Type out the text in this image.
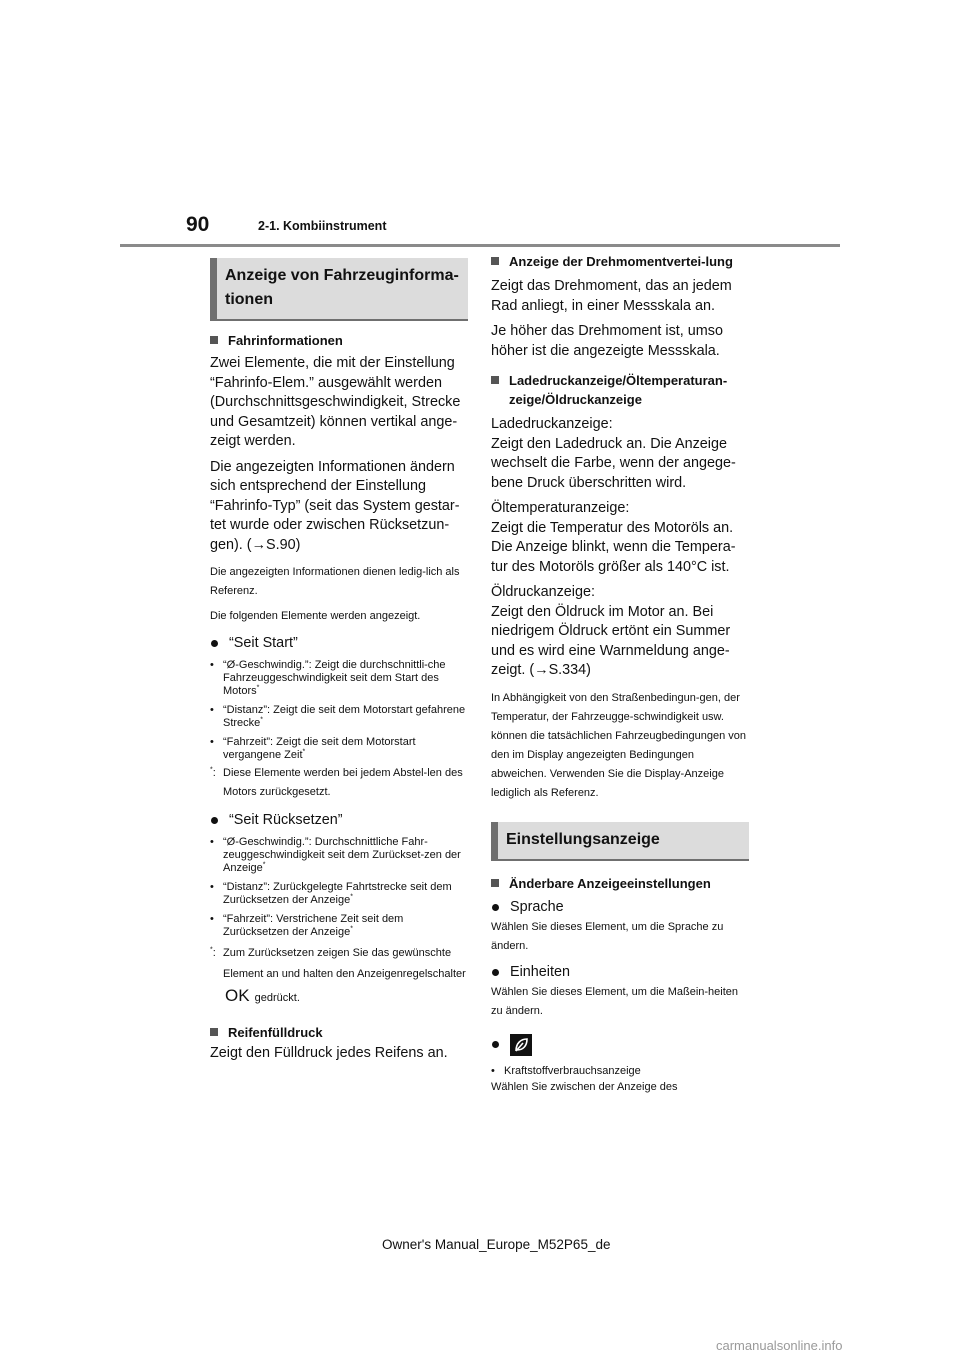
90	2-1. Kombiinstrument
Anzeige von Fahrzeuginforma-tionen
Fahrinformationen
Zwei Elemente, die mit der Einstellung “Fahrinfo-Elem.” ausgewählt werden (Durchschnittsgeschwindigkeit, Strecke und Gesamtzeit) können vertikal ange-zeigt werden.
Die angezeigten Informationen ändern sich entsprechend der Einstellung “Fahrinfo-Typ” (seit das System gestar-tet wurde oder zwischen Rücksetzun-gen). (→S.90)
Die angezeigten Informationen dienen ledig-lich als Referenz.
Die folgenden Elemente werden angezeigt.
“Seit Start”
• “Ø-Geschwindig.”: Zeigt die durchschnittli-che Fahrzeuggeschwindigkeit seit dem Start des Motors*
• “Distanz”: Zeigt die seit dem Motorstart gefahrene Strecke*
• “Fahrzeit”: Zeigt die seit dem Motorstart vergangene Zeit*
*: Diese Elemente werden bei jedem Abstel-len des Motors zurückgesetzt.
“Seit Rücksetzen”
• “Ø-Geschwindig.”: Durchschnittliche Fahr-zeuggeschwindigkeit seit dem Zurückset-zen der Anzeige*
• “Distanz”: Zurückgelegte Fahrtstrecke seit dem Zurücksetzen der Anzeige*
• “Fahrzeit”: Verstrichene Zeit seit dem Zurücksetzen der Anzeige*
*: Zum Zurücksetzen zeigen Sie das gewünschte Element an und halten den Anzeigenregelschalter OK gedrückt.
Reifenfülldruck
Zeigt den Fülldruck jedes Reifens an.
Anzeige der Drehmomentvertei-lung
Zeigt das Drehmoment, das an jedem Rad anliegt, in einer Messskala an.
Je höher das Drehmoment ist, umso höher ist die angezeigte Messskala.
Ladedruckanzeige/Öltemperaturan-zeige/Öldruckanzeige
Ladedruckanzeige:
Zeigt den Ladedruck an. Die Anzeige wechselt die Farbe, wenn der angege-bene Druck überschritten wird.
Öltemperaturanzeige:
Zeigt die Temperatur des Motoröls an. Die Anzeige blinkt, wenn die Tempera-tur des Motoröls größer als 140°C ist.
Öldruckanzeige:
Zeigt den Öldruck im Motor an. Bei niedrigem Öldruck ertönt ein Summer und es wird eine Warnmeldung ange-zeigt. (→S.334)
In Abhängigkeit von den Straßenbedingun-gen, der Temperatur, der Fahrzeugge-schwindigkeit usw. können die tatsächlichen Fahrzeugbedingungen von den im Display angezeigten Bedingungen abweichen. Verwenden Sie die Display-Anzeige lediglich als Referenz.
Einstellungsanzeige
Änderbare Anzeigeeinstellungen
Sprache
Wählen Sie dieses Element, um die Sprache zu ändern.
Einheiten
Wählen Sie dieses Element, um die Maßein-heiten zu ändern.
• Kraftstoffverbrauchsanzeige
Wählen Sie zwischen der Anzeige des
Owner's Manual_Europe_M52P65_de
carmanualsonline.info
